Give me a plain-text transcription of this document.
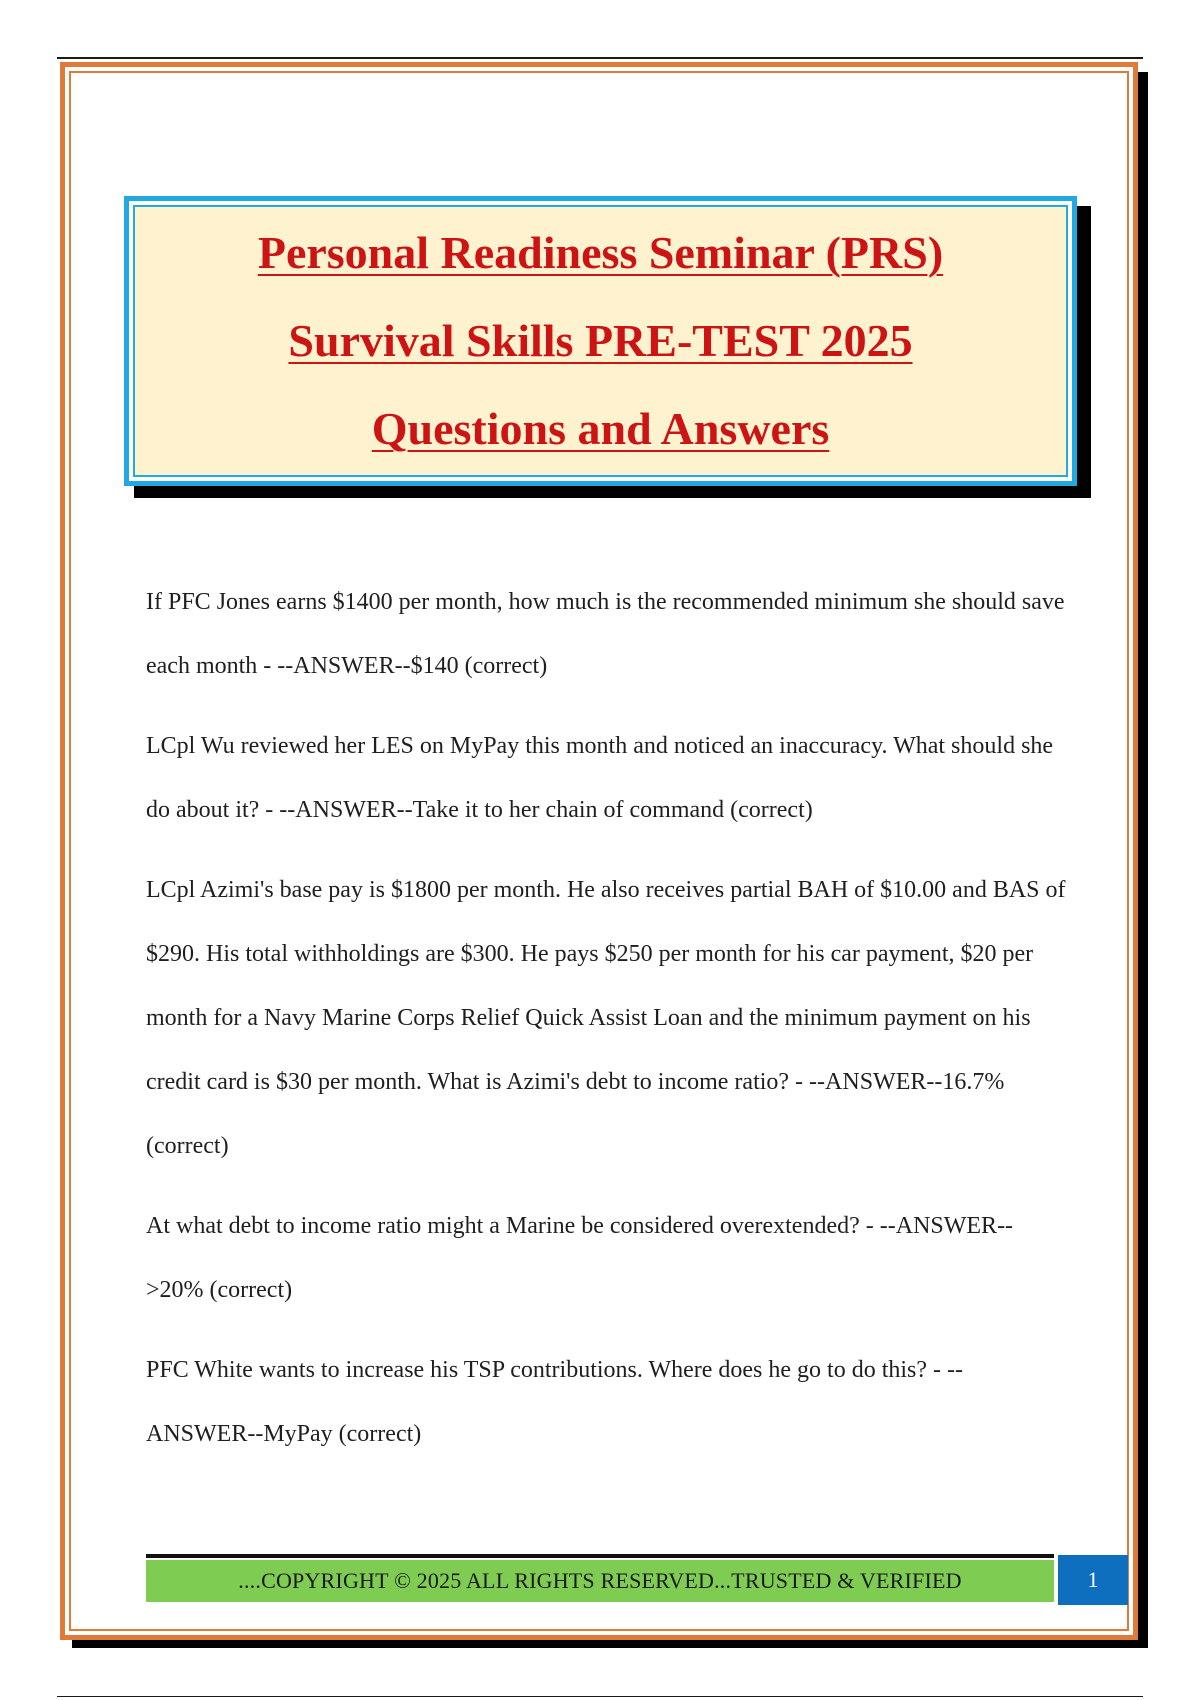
Personal Readiness Seminar (PRS)
Survival Skills PRE-TEST 2025
Questions and Answers

If PFC Jones earns $1400 per month, how much is the recommended minimum she should save each month - --ANSWER--$140 (correct)

LCpl Wu reviewed her LES on MyPay this month and noticed an inaccuracy. What should she do about it? - --ANSWER--Take it to her chain of command (correct)

LCpl Azimi's base pay is $1800 per month. He also receives partial BAH of $10.00 and BAS of $290. His total withholdings are $300. He pays $250 per month for his car payment, $20 per month for a Navy Marine Corps Relief Quick Assist Loan and the minimum payment on his credit card is $30 per month. What is Azimi's debt to income ratio? - --ANSWER--16.7% (correct)

At what debt to income ratio might a Marine be considered overextended? - --ANSWER-->20% (correct)

PFC White wants to increase his TSP contributions. Where does he go to do this? - --ANSWER--MyPay (correct)

....COPYRIGHT © 2025 ALL RIGHTS RESERVED...TRUSTED & VERIFIED	1
